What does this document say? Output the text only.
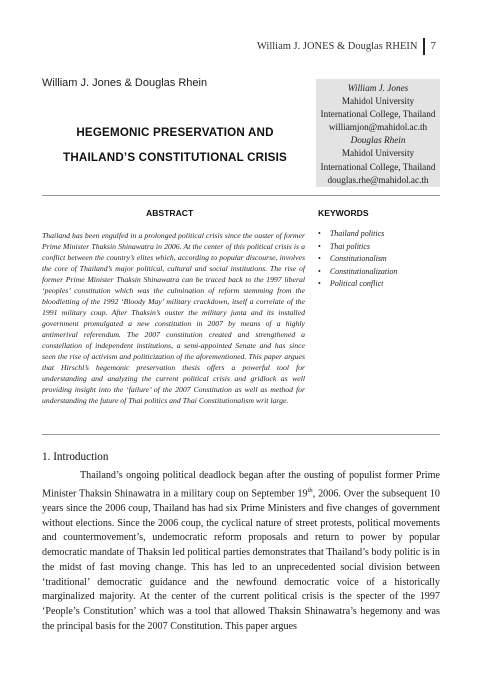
William J. JONES & Douglas RHEIN 7
William J. Jones & Douglas Rhein
HEGEMONIC PRESERVATION AND
THAILAND’S CONSTITUTIONAL CRISIS
William J. Jones
Mahidol University
International College, Thailand
williamjon@mahidol.ac.th
Douglas Rhein
Mahidol University
International College, Thailand
douglas.rhe@mahidol.ac.th
ABSTRACT	KEYWORDS

Thailand has been engulfed in a prolonged political crisis since the ouster of former Prime Minister Thaksin Shinawatra in 2006. At the center of this political crisis is a conflict between the country’s elites which, according to popular discourse, involves the core of Thailand’s major political, cultural and social institutions. The rise of former Prime Minister Thaksin Shinawatra can be traced back to the 1997 liberal ‘peoples’ constitution which was the culmination of reform stemming from the bloodletting of the 1992 ‘Bloody May’ military crackdown, itself a correlate of the 1991 military coup. After Thaksin’s ouster the military junta and its installed government promulgated a new constitution in 2007 by means of a highly antimerival referendum. The 2007 constitution created and strengthened a constellation of independent institutions, a semi-appointed Senate and has since seen the rise of activism and politicization of the aforementioned. This paper argues that Hirschl’s hegemonic preservation thesis offers a powerful tool for understanding and analyzing the current political crisis and gridlock as well providing insight into the ‘failure’ of the 2007 Constitution as well as method for understanding the future of Thai politics and Thai Constitutionalism writ large.

• Thailand politics
• Thai politics
• Constitutionalism
• Constitutionalization
• Political conflict
1. Introduction

Thailand’s ongoing political deadlock began after the ousting of populist former Prime Minister Thaksin Shinawatra in a military coup on September 19th, 2006. Over the subsequent 10 years since the 2006 coup, Thailand has had six Prime Ministers and five changes of government without elections. Since the 2006 coup, the cyclical nature of street protests, political movements and countermovement’s, undemocratic reform proposals and return to power by popular democratic mandate of Thaksin led political parties demonstrates that Thailand’s body politic is in the midst of fast moving change. This has led to an unprecedented social division between ‘traditional’ democratic guidance and the newfound democratic voice of a historically marginalized majority. At the center of the current political crisis is the specter of the 1997 ‘People’s Constitution’ which was a tool that allowed Thaksin Shinawatra’s hegemony and was the principal basis for the 2007 Constitution. This paper argues
